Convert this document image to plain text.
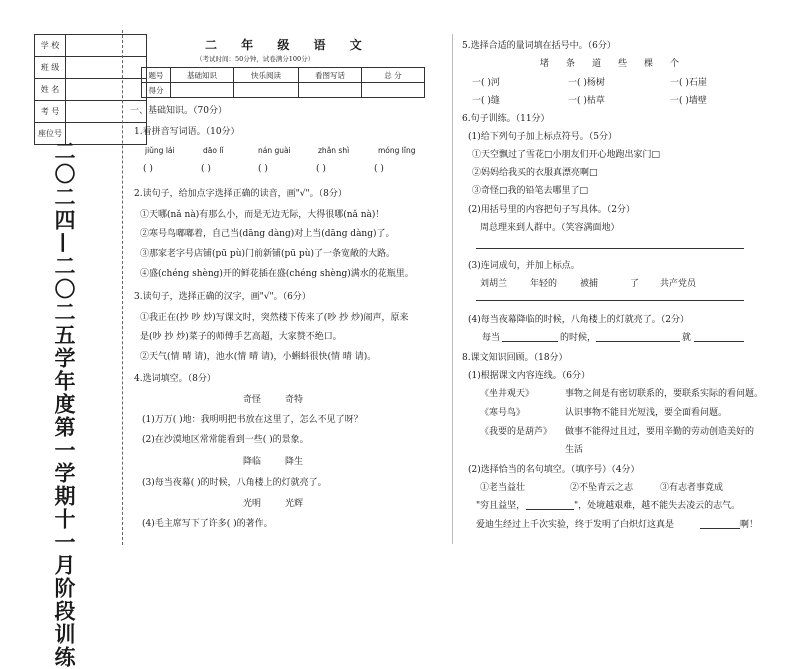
学 校	
班 级	
姓 名	
考 号	
座位号	
二〇二四—二〇二五学年度第一学期十一月阶段训练
二 年 级 语 文
（考试时间：50分钟，试卷满分100分）
题号	基础知识	快乐阅读	看图写话	总 分
得分				
一、基础知识。（70分）
1.看拼音写词语。（10分）
jiǔng lái	dāo lǐ	nán guài	zhǎn shì	móng lǐng
( )	( )	( )	( )	( )
2.读句子，给加点字选择正确的读音，画"√"。（8分）
①天哪(nǎ nà)有那么小，而是无边无际，大得很哪(nǎ nà)！
②寒号鸟嘟嘟着，自己当(dāng dàng)对上当(dāng dàng)了。
③那家老字号店铺(pū pù)门前新铺(pū pù)了一条宽敞的大路。
④盛(chéng shèng)开的鲜花插在盛(chéng shèng)满水的花瓶里。
3.读句子，选择正确的汉字，画"√"。（6分）
①我正在(抄 吵 炒)写课文时，突然楼下传来了(吵 抄 炒)闹声，原来
是(吵 抄 炒)菜子的师傅手艺高超，大家赞不绝口。
②天气(情 晴 请)，池水(情 晴 请)，小蝌蚪很快(情 晴 请)。
4.选词填空。（8分）
奇怪	奇特
(1)万万( )地：我明明把书放在这里了，怎么不见了呀？
(2)在沙漠地区常常能看到一些( )的景象。
降临	降生
(3)每当夜幕( )的时候，八角楼上的灯就亮了。
光明	光辉
(4)毛主席写下了许多( )的著作。
5.选择合适的量词填在括号中。（6分）
堵 条 道 些 棵 个
一( )河	一( )杨树	一( )石崖
一( )缝	一( )枯草	一( )墙壁
6.句子训练。（11分）
(1)给下列句子加上标点符号。（5分）
①天空飘过了雪花□小朋友们开心地跑出家门□
②妈妈给我买的衣服真漂亮啊□
③奇怪□我的铅笔去哪里了□
(2)用括号里的内容把句子写具体。（2分）
周总理来到人群中。（笑容满面地）
(3)连词成句，并加上标点。
刘胡兰	年轻的	被捕	了 共产党员
(4)每当夜幕降临的时候，八角楼上的灯就亮了。（2分）
每当	的时候，	就
8.课文知识回顾。（18分）
(1)根据课文内容连线。（6分）
《坐井观天》	事物之间是有密切联系的，要联系实际的看问题。
《寒号鸟》	认识事物不能目光短浅，要全面看问题。
《我要的是葫芦》 做事不能得过且过，要用辛勤的劳动创造美好的
生活
(2)选择恰当的名句填空。（填序号）（4分）
①老当益壮	②不坠青云之志	③有志者事竟成
"穷且益坚，	"，处境越艰难，越不能失去凌云的志气。
爱迪生经过上千次实验，终于发明了白炽灯这真是	啊！
